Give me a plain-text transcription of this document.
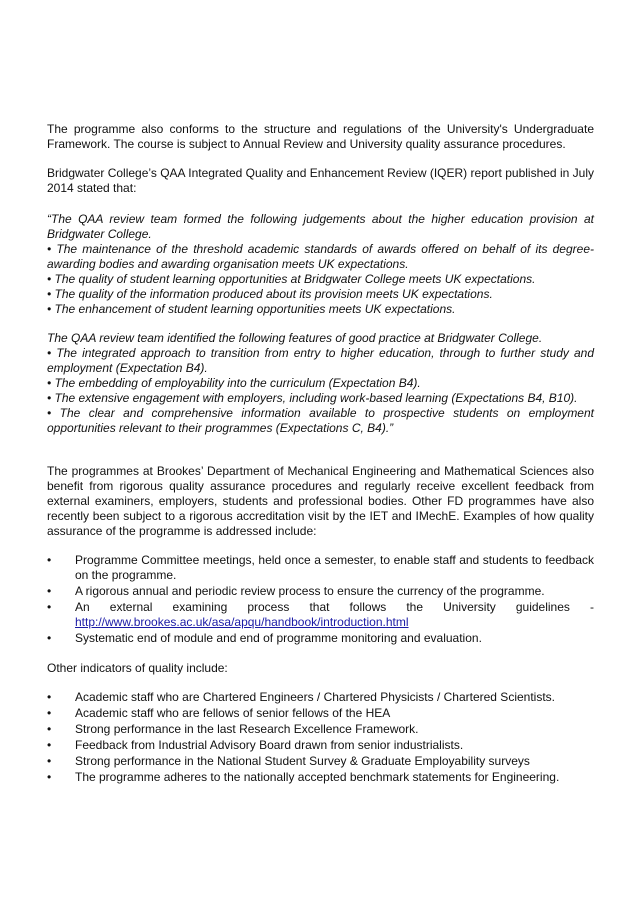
The programme also conforms to the structure and regulations of the University's Undergraduate Framework. The course is subject to Annual Review and University quality assurance procedures.

Bridgwater College’s QAA Integrated Quality and Enhancement Review (IQER) report published in July 2014 stated that:

“The QAA review team formed the following judgements about the higher education provision at Bridgwater College.

• The maintenance of the threshold academic standards of awards offered on behalf of its degree-awarding bodies and awarding organisation meets UK expectations.

• The quality of student learning opportunities at Bridgwater College meets UK expectations.

• The quality of the information produced about its provision meets UK expectations.

• The enhancement of student learning opportunities meets UK expectations.

The QAA review team identified the following features of good practice at Bridgwater College.

• The integrated approach to transition from entry to higher education, through to further study and employment (Expectation B4).

• The embedding of employability into the curriculum (Expectation B4).

• The extensive engagement with employers, including work-based learning (Expectations B4, B10).

• The clear and comprehensive information available to prospective students on employment opportunities relevant to their programmes (Expectations C, B4).”

The programmes at Brookes’ Department of Mechanical Engineering and Mathematical Sciences also benefit from rigorous quality assurance procedures and regularly receive excellent feedback from external examiners, employers, students and professional bodies. Other FD programmes have also recently been subject to a rigorous accreditation visit by the IET and IMechE. Examples of how quality assurance of the programme is addressed include:

• Programme Committee meetings, held once a semester, to enable staff and students to feedback on the programme.
• A rigorous annual and periodic review process to ensure the currency of the programme.
• An external examining process that follows the University guidelines -
http://www.brookes.ac.uk/asa/apqu/handbook/introduction.html
• Systematic end of module and end of programme monitoring and evaluation.

Other indicators of quality include:

• Academic staff who are Chartered Engineers / Chartered Physicists / Chartered Scientists.
• Academic staff who are fellows of senior fellows of the HEA
• Strong performance in the last Research Excellence Framework.
• Feedback from Industrial Advisory Board drawn from senior industrialists.
• Strong performance in the National Student Survey & Graduate Employability surveys
• The programme adheres to the nationally accepted benchmark statements for Engineering.
